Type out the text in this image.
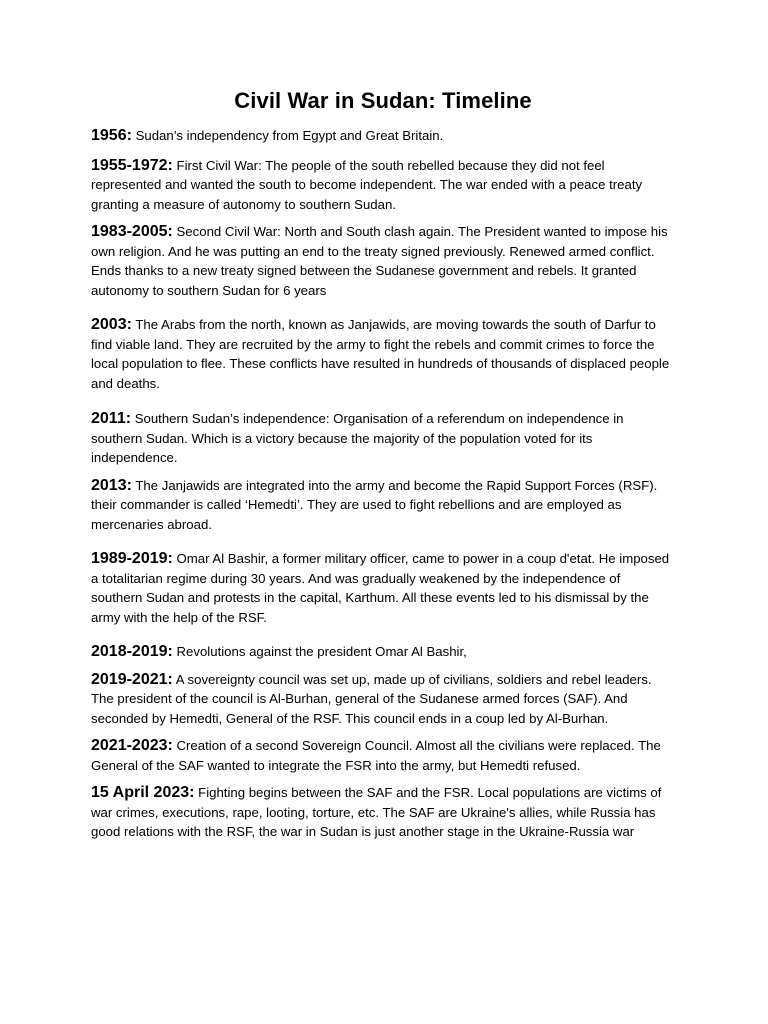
Civil War in Sudan: Timeline

1956: Sudan’s independency from Egypt and Great Britain.

1955-1972: First Civil War: The people of the south rebelled because they did not feel represented and wanted the south to become independent. The war ended with a peace treaty granting a measure of autonomy to southern Sudan.

1983-2005: Second Civil War: North and South clash again. The President wanted to impose his own religion. And he was putting an end to the treaty signed previously. Renewed armed conflict. Ends thanks to a new treaty signed between the Sudanese government and rebels. It granted autonomy to southern Sudan for 6 years

2003: The Arabs from the north, known as Janjawids, are moving towards the south of Darfur to find viable land. They are recruited by the army to fight the rebels and commit crimes to force the local population to flee. These conflicts have resulted in hundreds of thousands of displaced people and deaths.

2011: Southern Sudan’s independence: Organisation of a referendum on independence in southern Sudan. Which is a victory because the majority of the population voted for its independence.

2013: The Janjawids are integrated into the army and become the Rapid Support Forces (RSF). their commander is called ‘Hemedti’. They are used to fight rebellions and are employed as mercenaries abroad.

1989-2019: Omar Al Bashir, a former military officer, came to power in a coup d'etat. He imposed a totalitarian regime during 30 years. And was gradually weakened by the independence of southern Sudan and protests in the capital, Karthum. All these events led to his dismissal by the army with the help of the RSF.

2018-2019: Revolutions against the president Omar Al Bashir,

2019-2021: A sovereignty council was set up, made up of civilians, soldiers and rebel leaders. The president of the council is Al-Burhan, general of the Sudanese armed forces (SAF). And seconded by Hemedti, General of the RSF. This council ends in a coup led by Al-Burhan.

2021-2023: Creation of a second Sovereign Council. Almost all the civilians were replaced. The General of the SAF wanted to integrate the FSR into the army, but Hemedti refused.

15 April 2023: Fighting begins between the SAF and the FSR. Local populations are victims of war crimes, executions, rape, looting, torture, etc. The SAF are Ukraine's allies, while Russia has good relations with the RSF, the war in Sudan is just another stage in the Ukraine-Russia war
